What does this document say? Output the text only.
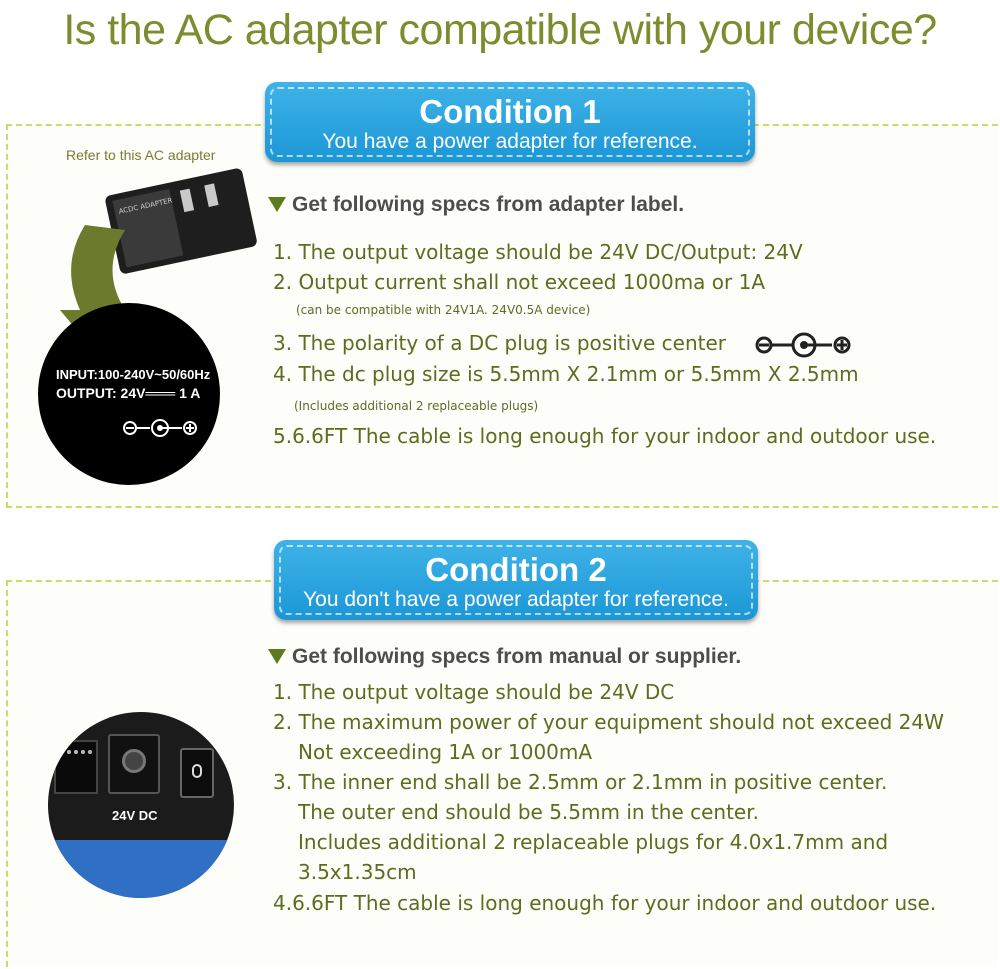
Is the AC adapter compatible with your device?
Refer to this AC adapter
ACDC ADAPTER
INPUT:100-240V~50/60Hz
OUTPUT: 24V═══ 1 A
Condition 1
You have a power adapter for reference.
Get following specs from adapter label.
1. The output voltage should be 24V DC/Output: 24V
2. Output current shall not exceed 1000ma or 1A
(can be compatible with 24V1A. 24V0.5A device)
3. The polarity of a DC plug is positive center
4. The dc plug size is 5.5mm X 2.1mm or 5.5mm X 2.5mm
(Includes additional 2 replaceable plugs)
5.6.6FT The cable is long enough for your indoor and outdoor use.
Condition 2
You don't have a power adapter for reference.
Get following specs from manual or supplier.
1. The output voltage should be 24V DC
2. The maximum power of your equipment should not exceed 24W
Not exceeding 1A or 1000mA
3. The inner end shall be 2.5mm or 2.1mm in positive center.
The outer end should be 5.5mm in the center.
Includes additional 2 replaceable plugs for 4.0x1.7mm and
3.5x1.35cm
4.6.6FT The cable is long enough for your indoor and outdoor use.
24V DC
